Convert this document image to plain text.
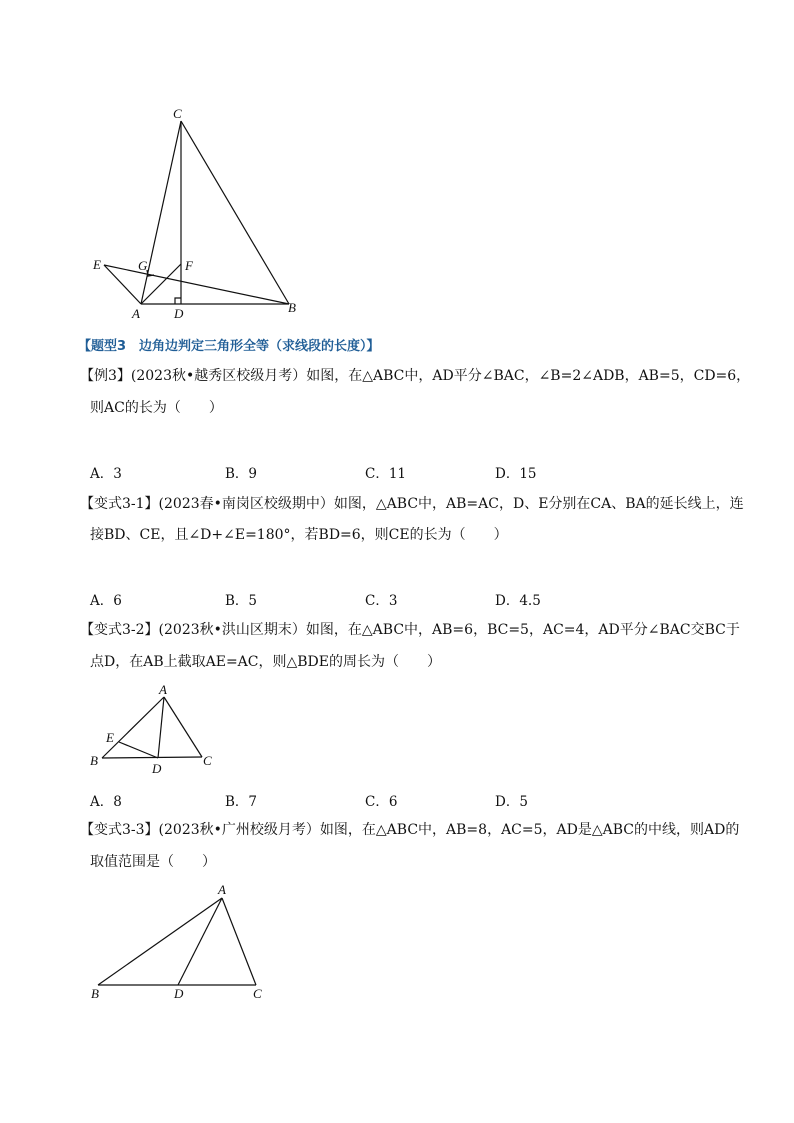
C
E	G	F
A	D	B
【题型3　边角边判定三角形全等（求线段的长度）】
【例3】(2023秋•越秀区校级月考）如图，在△ABC中，AD平分∠BAC，∠B=2∠ADB，AB=5，CD=6，
则AC的长为（　　）
A．3	B．9	C．11	D．15
【变式3-1】(2023春•南岗区校级期中）如图，△ABC中，AB=AC，D、E分别在CA、BA的延长线上，连
接BD、CE，且∠D+∠E=180°，若BD=6，则CE的长为（　　）
A．6	B．5	C．3	D．4.5
【变式3-2】(2023秋•洪山区期末）如图，在△ABC中，AB=6，BC=5，AC=4，AD平分∠BAC交BC于
点D，在AB上截取AE=AC，则△BDE的周长为（　　）
A
E
B
D
C
A．8	B．7	C．6	D．5
【变式3-3】(2023秋•广州校级月考）如图，在△ABC中，AB=8，AC=5，AD是△ABC的中线，则AD的
取值范围是（　　）
A
B	D	C
